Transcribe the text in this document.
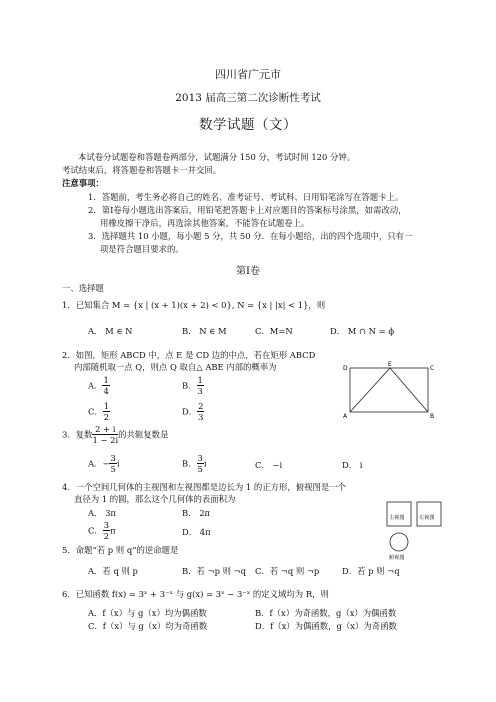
四川省广元市
2013 届高三第二次诊断性考试
数学试题（文）
本试卷分试题卷和答题卷两部分，试题满分 150 分，考试时间 120 分钟。
考试结束后，将答题卷和答题卡一并交回。
注意事项：
1．答题前，考生务必将自己的姓名、准考证号、考试科、日用铅笔涂写在答题卡上。
2．第Ⅰ卷每小题选出答案后，用铅笔把答题卡上对应题目的答案标号涂黑，如需改动，
用橡皮擦干净后，再选涂其他答案，不能答在试题卷上。
3．选择题共 10 小题，每小题 5 分，共 50 分．在每小题给，出的四个选项中，只有一
项是符合题目要求的。
第Ⅰ卷
一、选择题
1．已知集合 M = {x | (x + 1)(x + 2) < 0}, N = {x | |x| < 1}，则
A． M ∈ N	B． N ∈ M	C．M=N	D． M ∩ N = ϕ
2．如图，矩形 ABCD 中，点 E 是 CD 边的中点，若在矩形 ABCD
内部随机取一点 Q，则点 Q 取自△ ABE 内部的概率为
A． $\frac{1}{4}$	B． $\frac{1}{3}$
C． $\frac{1}{2}$	D． $\frac{2}{3}$
D
E
C
A	B
3．复数 $\frac{2 + i}{1 - 2i}$ 的共轭复数是
A．− $\frac{3}{5}$ i	B． $\frac{3}{5}$ i	C． −i	D． i
4．一个空间几何体的主视图和左视图都是边长为 1 的正方形，俯视图是一个
直径为 1 的圆，那么这个几何体的表面积为
A． 3π	B． 2π
C． $\frac{3}{2}$ π	D． 4π
主视图	左视图
俯视图
5．命题“若 p 则 q”的逆命题是
A．若 q 则 p	B．若 ¬p 则 ¬q C．若 ¬q 则 ¬p	D．若 p 则 ¬q
6．已知函数 f(x) = 3ˣ + 3⁻ˣ 与 g(x) = 3ˣ − 3⁻ˣ 的定义域均为 R，则
A．f（x）与 g（x）均为偶函数	B．f（x）为奇函数，g（x）为偶函数
C．f（x）与 g（x）均为奇函数	D．f（x）为偶函数，g（x）为奇函数
